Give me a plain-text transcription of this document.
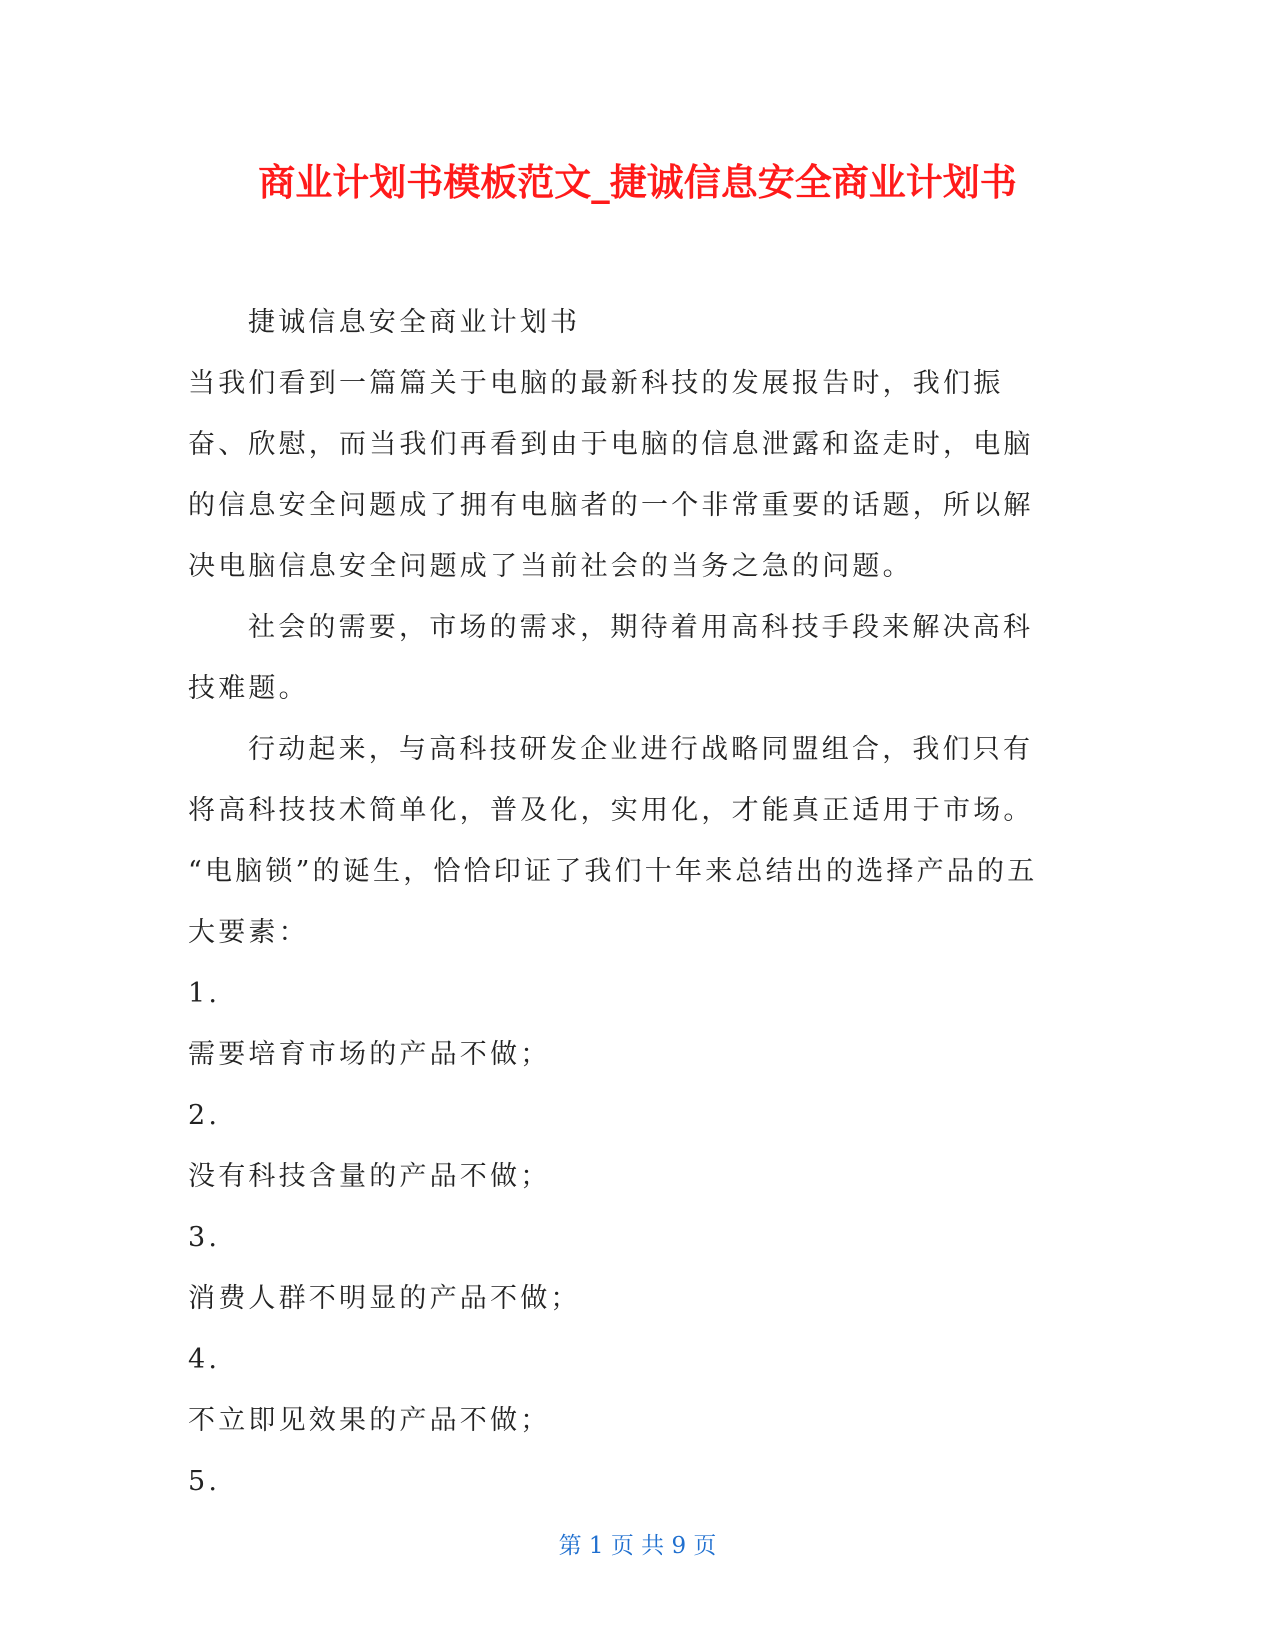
商业计划书模板范文_捷诚信息安全商业计划书

捷诚信息安全商业计划书

当我们看到一篇篇关于电脑的最新科技的发展报告时，我们振奋、欣慰，而当我们再看到由于电脑的信息泄露和盗走时，电脑的信息安全问题成了拥有电脑者的一个非常重要的话题，所以解决电脑信息安全问题成了当前社会的当务之急的问题。

社会的需要，市场的需求，期待着用高科技手段来解决高科技难题。

行动起来，与高科技研发企业进行战略同盟组合，我们只有将高科技技术简单化，普及化，实用化，才能真正适用于市场。

“电脑锁”的诞生，恰恰印证了我们十年来总结出的选择产品的五大要素：

1.

需要培育市场的产品不做；

2.

没有科技含量的产品不做；

3.

消费人群不明显的产品不做；

4.

不立即见效果的产品不做；

5.

第 1 页 共 9 页
